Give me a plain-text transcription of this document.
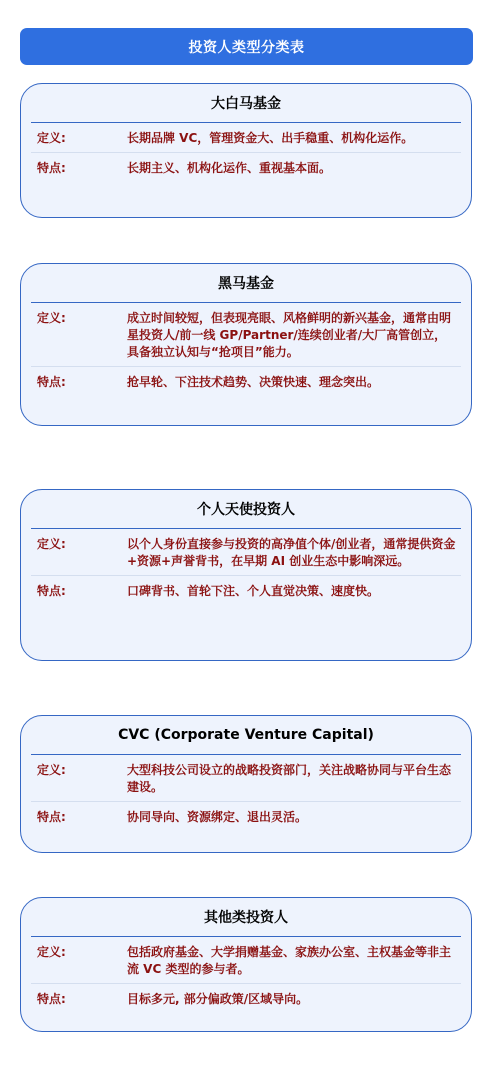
投资人类型分类表
大白马基金
定义:	长期品牌 VC，管理资金大、出手稳重、机构化运作。
特点:	长期主义、机构化运作、重视基本面。
黑马基金
定义:	成立时间较短，但表现亮眼、风格鲜明的新兴基金，通常由明星投资人/前一线 GP/Partner/连续创业者/大厂高管创立，具备独立认知与“抢项目”能力。
特点:	抢早轮、下注技术趋势、决策快速、理念突出。
个人天使投资人
定义:	以个人身份直接参与投资的高净值个体/创业者，通常提供资金+资源+声誉背书，在早期 AI 创业生态中影响深远。
特点:	口碑背书、首轮下注、个人直觉决策、速度快。
CVC (Corporate Venture Capital)
定义:	大型科技公司设立的战略投资部门，关注战略协同与平台生态建设。
特点:	协同导向、资源绑定、退出灵活。
其他类投资人
定义:	包括政府基金、大学捐赠基金、家族办公室、主权基金等非主流 VC 类型的参与者。
特点:	目标多元, 部分偏政策/区域导向。
